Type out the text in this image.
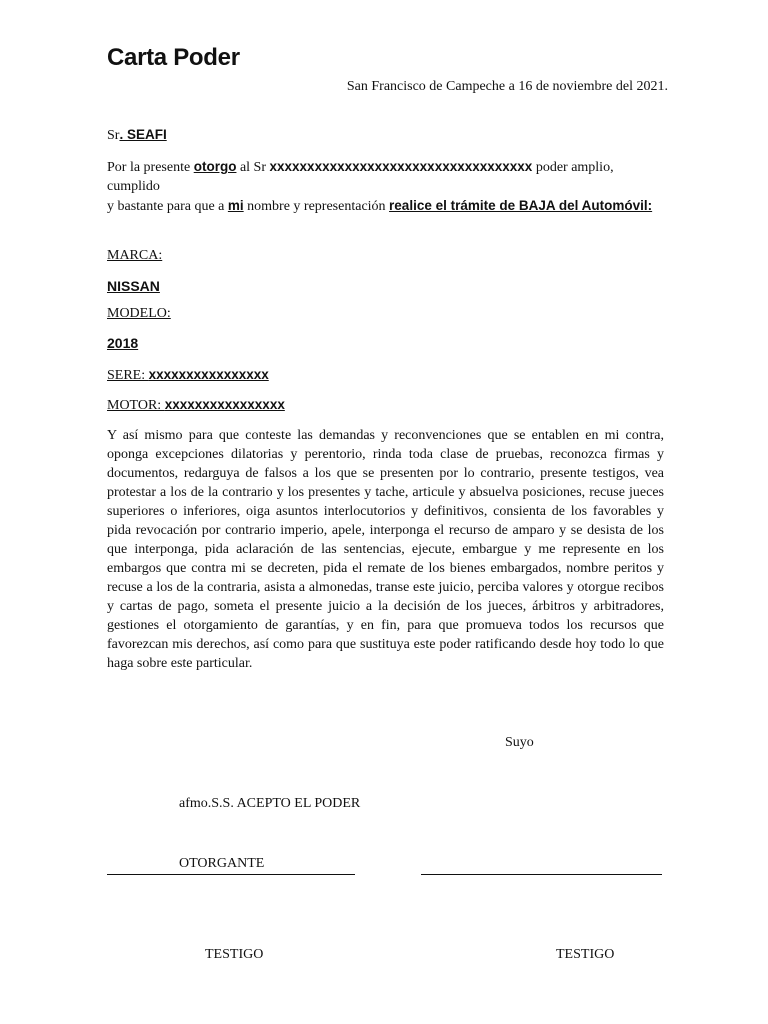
Carta Poder
San Francisco de Campeche a 16 de noviembre del 2021.
Sr. SEAFI
Por la presente otorgo al Sr xxxxxxxxxxxxxxxxxxxxxxxxxxxxxxxxxxx poder amplio, cumplido
y bastante para que a mi nombre y representación realice el trámite de BAJA del Automóvil:
MARCA:
NISSAN
MODELO:
2018
SERE: xxxxxxxxxxxxxxxx
MOTOR: xxxxxxxxxxxxxxxx
Y así mismo para que conteste las demandas y reconvenciones que se entablen en mi contra, oponga excepciones dilatorias y perentorio, rinda toda clase de pruebas, reconozca firmas y documentos, redarguya de falsos a los que se presenten por lo contrario, presente testigos, vea protestar a los de la contrario y los presentes y tache, articule y absuelva posiciones, recuse jueces superiores o inferiores, oiga asuntos interlocutorios y definitivos, consienta de los favorables y pida revocación por contrario imperio, apele, interponga el recurso de amparo y se desista de los que interponga, pida aclaración de las sentencias, ejecute, embargue y me represente en los embargos que contra mi se decreten, pida el remate de los bienes embargados, nombre peritos y recuse a los de la contraria, asista a almonedas, transe este juicio, perciba valores y otorgue recibos y cartas de pago, someta el presente juicio a la decisión de los jueces, árbitros y arbitradores, gestiones el otorgamiento de garantías, y en fin, para que promueva todos los recursos que favorezcan mis derechos, así como para que sustituya este poder ratificando desde hoy todo lo que haga sobre este particular.
Suyo
afmo.S.S. ACEPTO EL PODER
OTORGANTE
TESTIGO	TESTIGO
